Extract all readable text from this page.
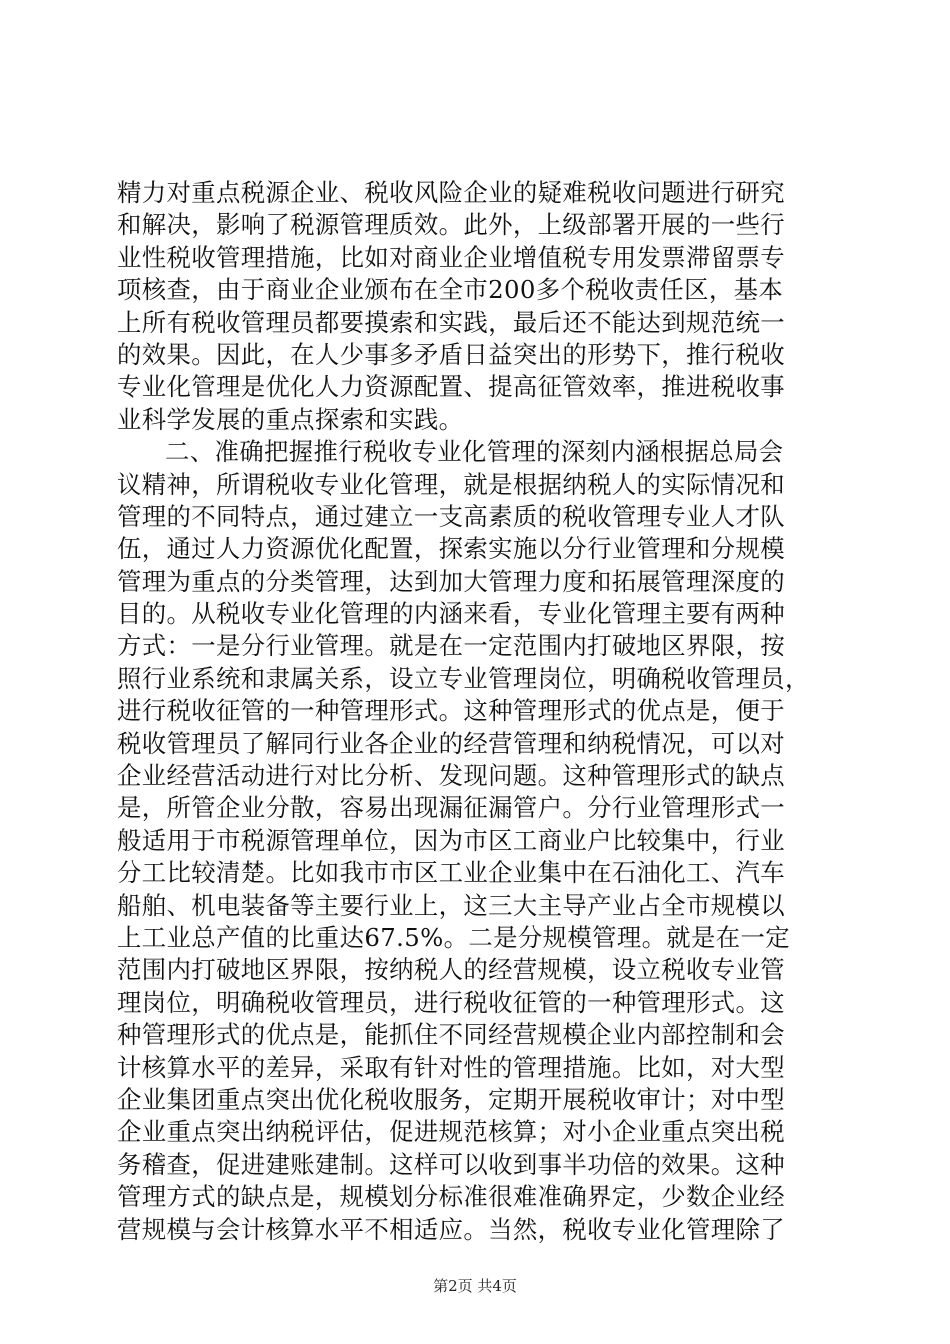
精力对重点税源企业、税收风险企业的疑难税收问题进行研究
和解决，影响了税源管理质效。此外，上级部署开展的一些行
业性税收管理措施，比如对商业企业增值税专用发票滞留票专
项核查，由于商业企业颁布在全市200多个税收责任区，基本
上所有税收管理员都要摸索和实践，最后还不能达到规范统一
的效果。因此，在人少事多矛盾日益突出的形势下，推行税收
专业化管理是优化人力资源配置、提高征管效率，推进税收事
业科学发展的重点探索和实践。
二、准确把握推行税收专业化管理的深刻内涵根据总局会
议精神，所谓税收专业化管理，就是根据纳税人的实际情况和
管理的不同特点，通过建立一支高素质的税收管理专业人才队
伍，通过人力资源优化配置，探索实施以分行业管理和分规模
管理为重点的分类管理，达到加大管理力度和拓展管理深度的
目的。从税收专业化管理的内涵来看，专业化管理主要有两种
方式：一是分行业管理。就是在一定范围内打破地区界限，按
照行业系统和隶属关系，设立专业管理岗位，明确税收管理员，
进行税收征管的一种管理形式。这种管理形式的优点是，便于
税收管理员了解同行业各企业的经营管理和纳税情况，可以对
企业经营活动进行对比分析、发现问题。这种管理形式的缺点
是，所管企业分散，容易出现漏征漏管户。分行业管理形式一
般适用于市税源管理单位，因为市区工商业户比较集中，行业
分工比较清楚。比如我市市区工业企业集中在石油化工、汽车
船舶、机电装备等主要行业上，这三大主导产业占全市规模以
上工业总产值的比重达67.5%。二是分规模管理。就是在一定
范围内打破地区界限，按纳税人的经营规模，设立税收专业管
理岗位，明确税收管理员，进行税收征管的一种管理形式。这
种管理形式的优点是，能抓住不同经营规模企业内部控制和会
计核算水平的差异，采取有针对性的管理措施。比如，对大型
企业集团重点突出优化税收服务，定期开展税收审计；对中型
企业重点突出纳税评估，促进规范核算；对小企业重点突出税
务稽查，促进建账建制。这样可以收到事半功倍的效果。这种
管理方式的缺点是，规模划分标准很难准确界定，少数企业经
营规模与会计核算水平不相适应。当然，税收专业化管理除了
第2页 共4页
